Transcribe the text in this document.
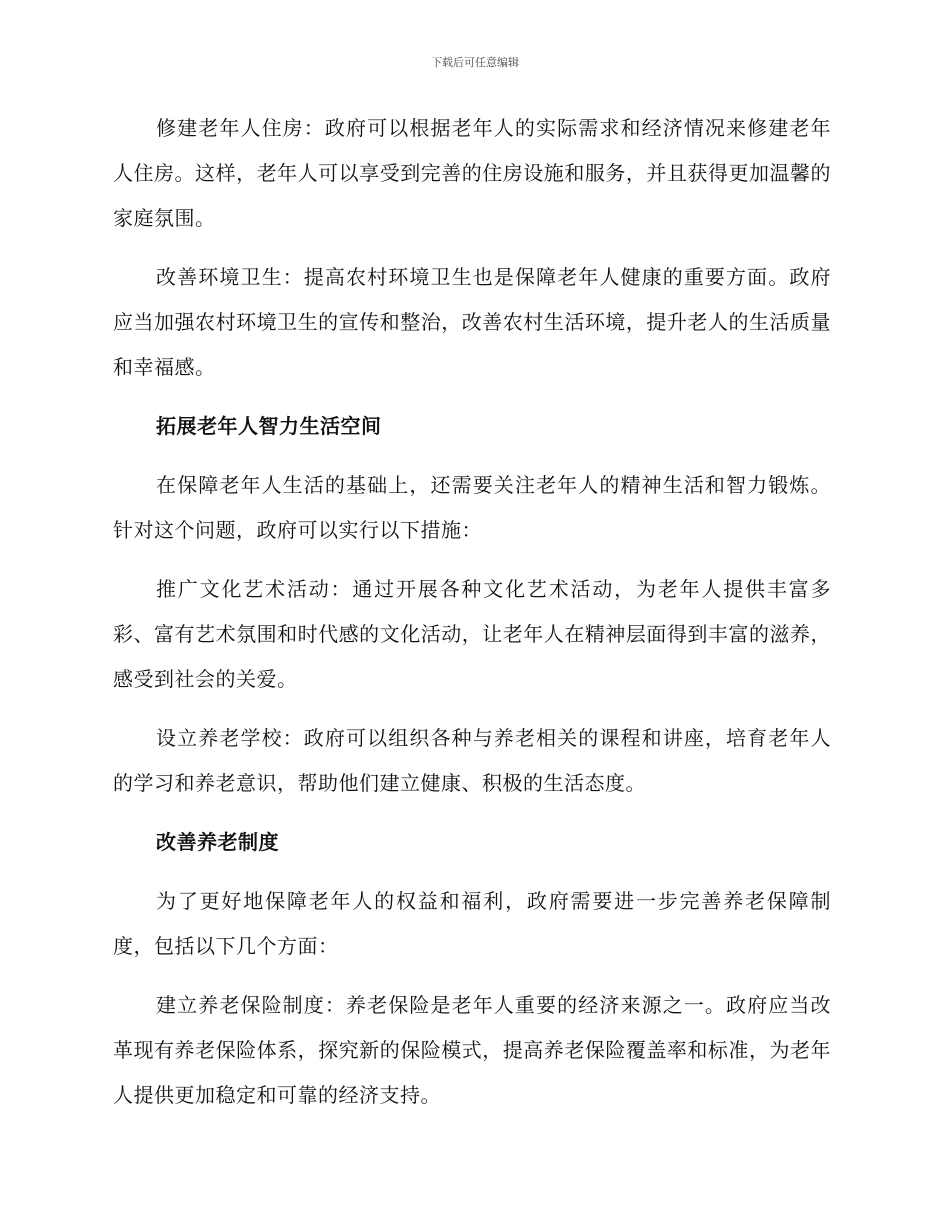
下载后可任意编辑

修建老年人住房：政府可以根据老年人的实际需求和经济情况来修建老年人住房。这样，老年人可以享受到完善的住房设施和服务，并且获得更加温馨的家庭氛围。

改善环境卫生：提高农村环境卫生也是保障老年人健康的重要方面。政府应当加强农村环境卫生的宣传和整治，改善农村生活环境，提升老人的生活质量和幸福感。

拓展老年人智力生活空间

在保障老年人生活的基础上，还需要关注老年人的精神生活和智力锻炼。针对这个问题，政府可以实行以下措施：

推广文化艺术活动：通过开展各种文化艺术活动，为老年人提供丰富多彩、富有艺术氛围和时代感的文化活动，让老年人在精神层面得到丰富的滋养，感受到社会的关爱。

设立养老学校：政府可以组织各种与养老相关的课程和讲座，培育老年人的学习和养老意识，帮助他们建立健康、积极的生活态度。

改善养老制度

为了更好地保障老年人的权益和福利，政府需要进一步完善养老保障制度，包括以下几个方面：

建立养老保险制度：养老保险是老年人重要的经济来源之一。政府应当改革现有养老保险体系，探究新的保险模式，提高养老保险覆盖率和标准，为老年人提供更加稳定和可靠的经济支持。
